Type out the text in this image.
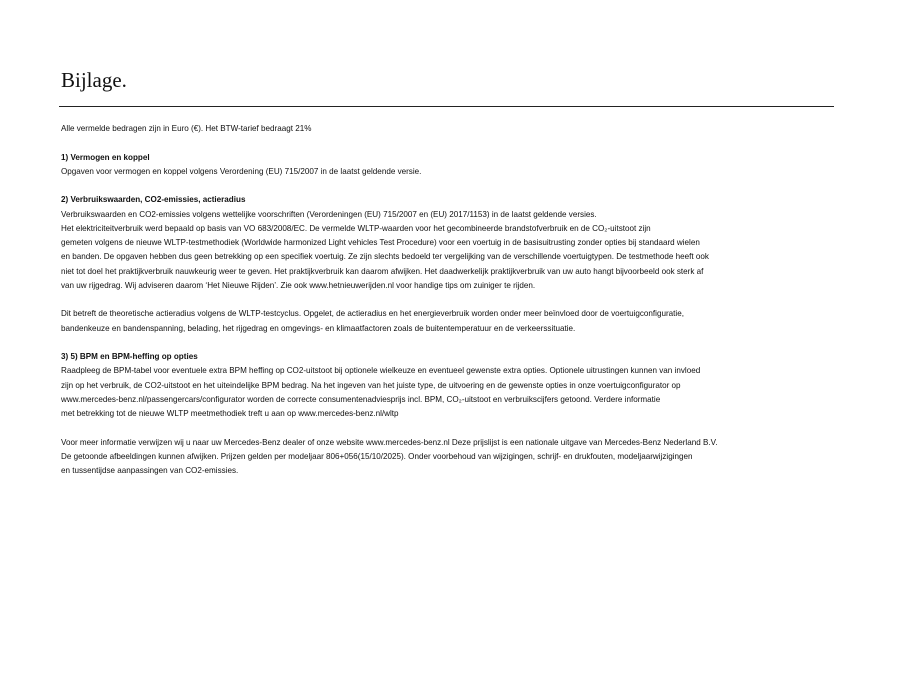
Bijlage.

Alle vermelde bedragen zijn in Euro (€). Het BTW-tarief bedraagt 21%

1) Vermogen en koppel

Opgaven voor vermogen en koppel volgens Verordening (EU) 715/2007 in de laatst geldende versie.

2) Verbruikswaarden, CO2-emissies, actieradius

Verbruikswaarden en CO2-emissies volgens wettelijke voorschriften (Verordeningen (EU) 715/2007 en (EU) 2017/1153) in de laatst geldende versies.

Het elektriciteitverbruik werd bepaald op basis van VO 683/2008/EC. De vermelde WLTP-waarden voor het gecombineerde brandstofverbruik en de CO₂-uitstoot zijn

gemeten volgens de nieuwe WLTP-testmethodiek (Worldwide harmonized Light vehicles Test Procedure) voor een voertuig in de basisuitrusting zonder opties bij standaard wielen

en banden. De opgaven hebben dus geen betrekking op een specifiek voertuig. Ze zijn slechts bedoeld ter vergelijking van de verschillende voertuigtypen. De testmethode heeft ook

niet tot doel het praktijkverbruik nauwkeurig weer te geven. Het praktijkverbruik kan daarom afwijken. Het daadwerkelijk praktijkverbruik van uw auto hangt bijvoorbeeld ook sterk af

van uw rijgedrag. Wij adviseren daarom ‘Het Nieuwe Rijden’. Zie ook www.hetnieuwerijden.nl voor handige tips om zuiniger te rijden.

Dit betreft de theoretische actieradius volgens de WLTP-testcyclus. Opgelet, de actieradius en het energieverbruik worden onder meer beïnvloed door de voertuigconfiguratie,

bandenkeuze en bandenspanning, belading, het rijgedrag en omgevings- en klimaatfactoren zoals de buitentemperatuur en de verkeerssituatie.

3) 5) BPM en BPM-heffing op opties

Raadpleeg de BPM-tabel voor eventuele extra BPM heffing op CO2-uitstoot bij optionele wielkeuze en eventueel gewenste extra opties. Optionele uitrustingen kunnen van invloed

zijn op het verbruik, de CO2-uitstoot en het uiteindelijke BPM bedrag. Na het ingeven van het juiste type, de uitvoering en de gewenste opties in onze voertuigconfigurator op

www.mercedes-benz.nl/passengercars/configurator worden de correcte consumentenadviesprijs incl. BPM, CO₂-uitstoot en verbruikscijfers getoond. Verdere informatie

met betrekking tot de nieuwe WLTP meetmethodiek treft u aan op www.mercedes-benz.nl/wltp

Voor meer informatie verwijzen wij u naar uw Mercedes-Benz dealer of onze website www.mercedes-benz.nl Deze prijslijst is een nationale uitgave van Mercedes-Benz Nederland B.V.

De getoonde afbeeldingen kunnen afwijken. Prijzen gelden per modeljaar 806+056(15/10/2025). Onder voorbehoud van wijzigingen, schrijf- en drukfouten, modeljaarwijzigingen

en tussentijdse aanpassingen van CO2-emissies.
